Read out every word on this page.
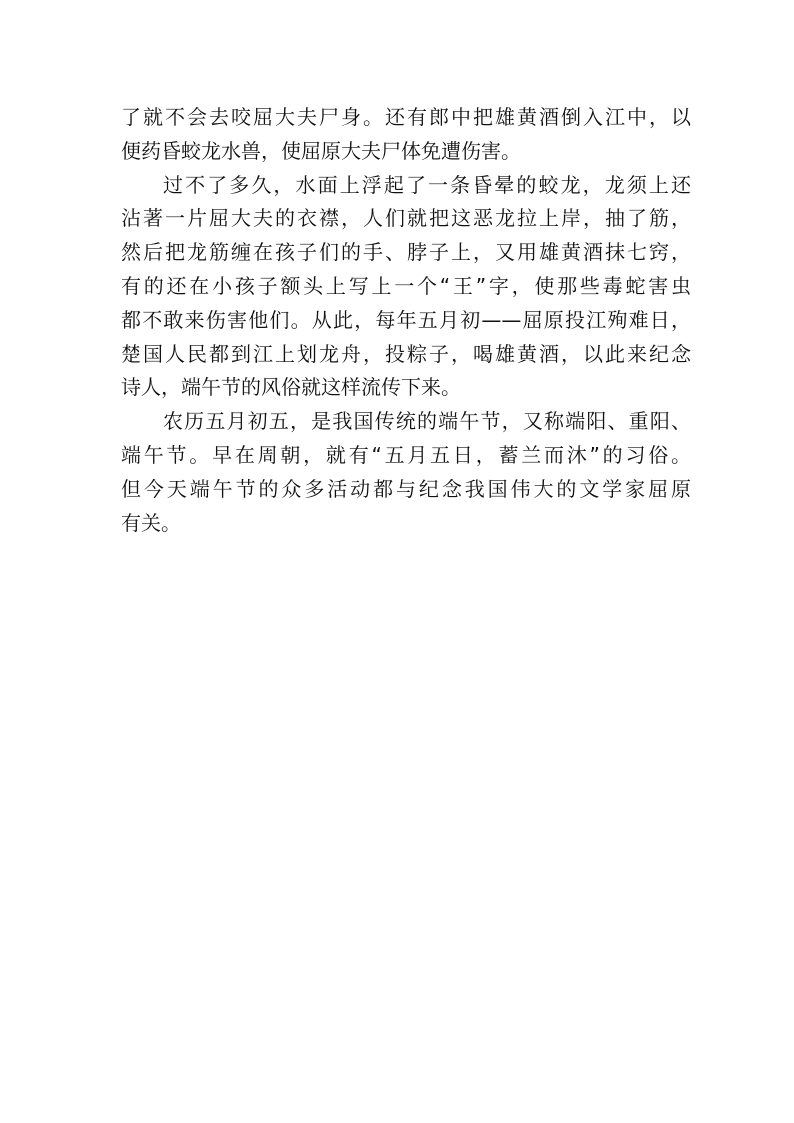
了就不会去咬屈大夫尸身。还有郎中把雄黄酒倒入江中，以
便药昏蛟龙水兽，使屈原大夫尸体免遭伤害。
过不了多久，水面上浮起了一条昏晕的蛟龙，龙须上还
沾著一片屈大夫的衣襟，人们就把这恶龙拉上岸，抽了筋，
然后把龙筋缠在孩子们的手、脖子上，又用雄黄酒抹七窍，
有的还在小孩子额头上写上一个“王”字，使那些毒蛇害虫
都不敢来伤害他们。从此，每年五月初——屈原投江殉难日，
楚国人民都到江上划龙舟，投粽子，喝雄黄酒，以此来纪念
诗人，端午节的风俗就这样流传下来。
农历五月初五，是我国传统的端午节，又称端阳、重阳、
端午节。早在周朝，就有“五月五日，蓄兰而沐”的习俗。
但今天端午节的众多活动都与纪念我国伟大的文学家屈原
有关。
